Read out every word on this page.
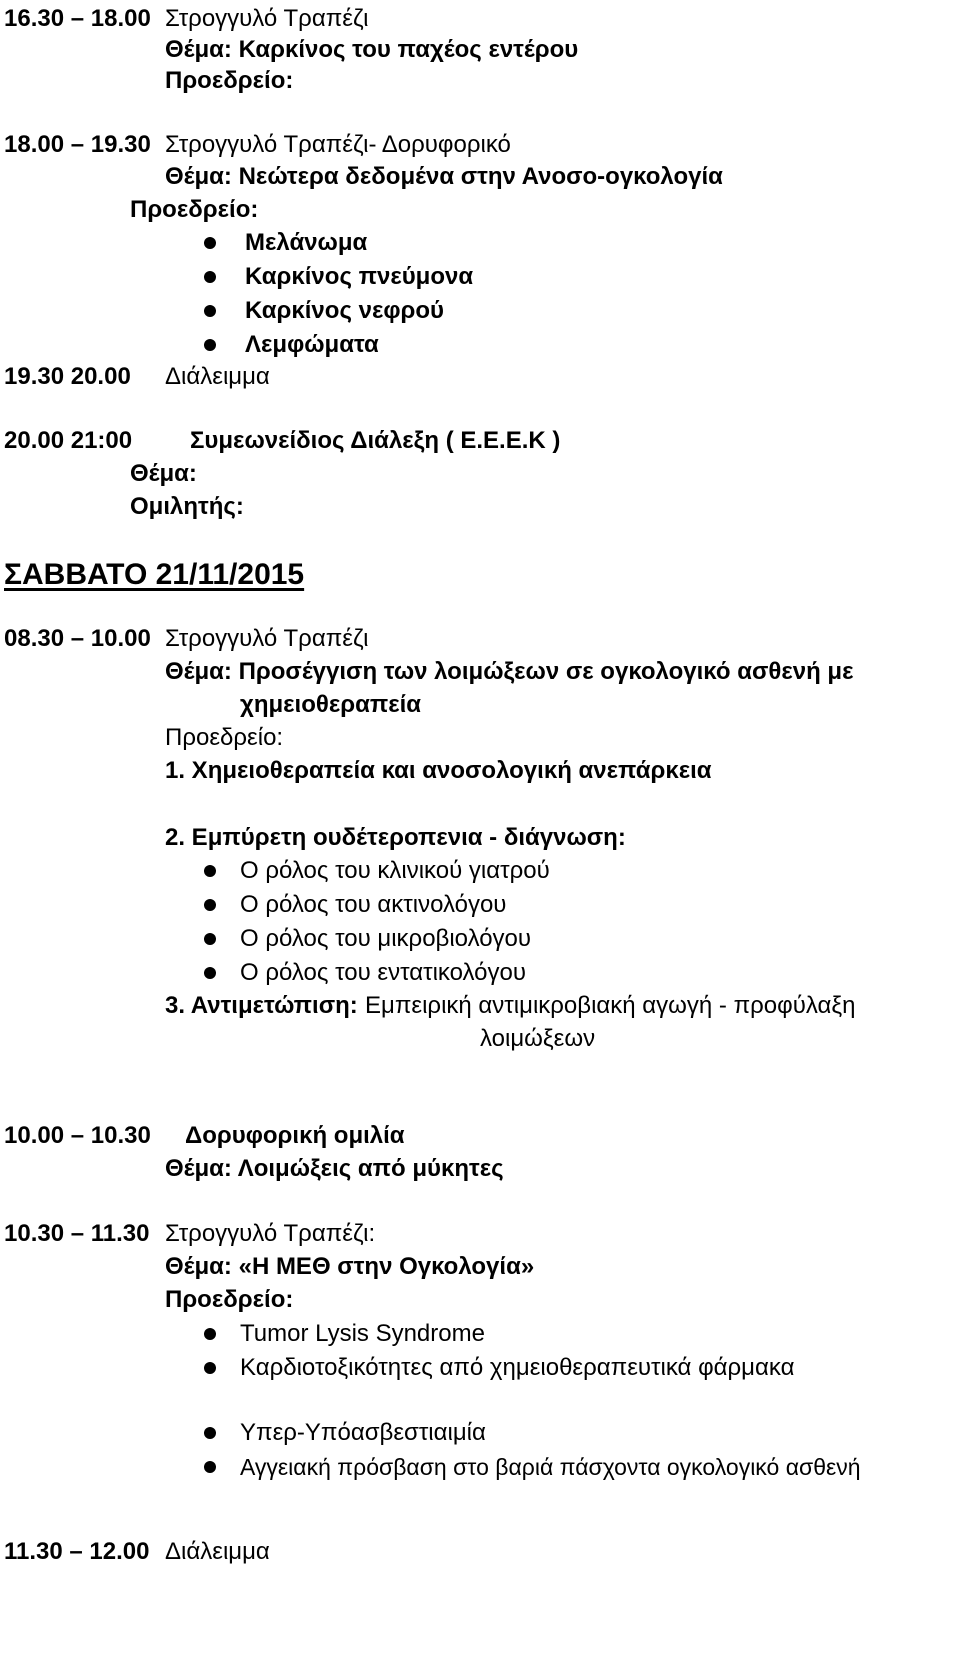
16.30 – 18.00 Στρογγυλό Τραπέζι
Θέμα: Καρκίνος του παχέος εντέρου
Προεδρείο:
18.00 – 19.30 Στρογγυλό Τραπέζι- Δορυφορικό
Θέμα: Νεώτερα δεδομένα στην Ανοσο-ογκολογία
Προεδρείο:
Μελάνωμα
Καρκίνος πνεύμονα
Καρκίνος νεφρού
Λεμφώματα
19.30 20.00 Διάλειμμα
20.00 21:00 Συμεωνείδιος Διάλεξη ( Ε.Ε.Ε.Κ )
Θέμα:
Ομιλητής:
ΣΑΒΒΑΤΟ 21/11/2015
08.30 – 10.00 Στρογγυλό Τραπέζι
Θέμα: Προσέγγιση των λοιμώξεων σε ογκολογικό ασθενή με
χημειοθεραπεία
Προεδρείο:
1. Χημειοθεραπεία και ανοσολογική ανεπάρκεια
2. Εμπύρετη ουδέτεροπενια - διάγνωση:
Ο ρόλος του κλινικού γιατρού
Ο ρόλος του ακτινολόγου
Ο ρόλος του μικροβιολόγου
Ο ρόλος του εντατικολόγου
3. Αντιμετώπιση: Εμπειρική αντιμικροβιακή αγωγή - προφύλαξη
λοιμώξεων
10.00 – 10.30 Δορυφορική ομιλία
Θέμα: Λοιμώξεις από μύκητες
10.30 – 11.30 Στρογγυλό Τραπέζι:
Θέμα: «Η ΜΕΘ στην Ογκολογία»
Προεδρείο:
Tumor Lysis Syndrome
Καρδιοτοξικότητες από χημειοθεραπευτικά φάρμακα
Υπερ-Υπόασβεστιαιμία
Αγγειακή πρόσβαση στο βαριά πάσχοντα ογκολογικό ασθενή
11.30 – 12.00 Διάλειμμα
